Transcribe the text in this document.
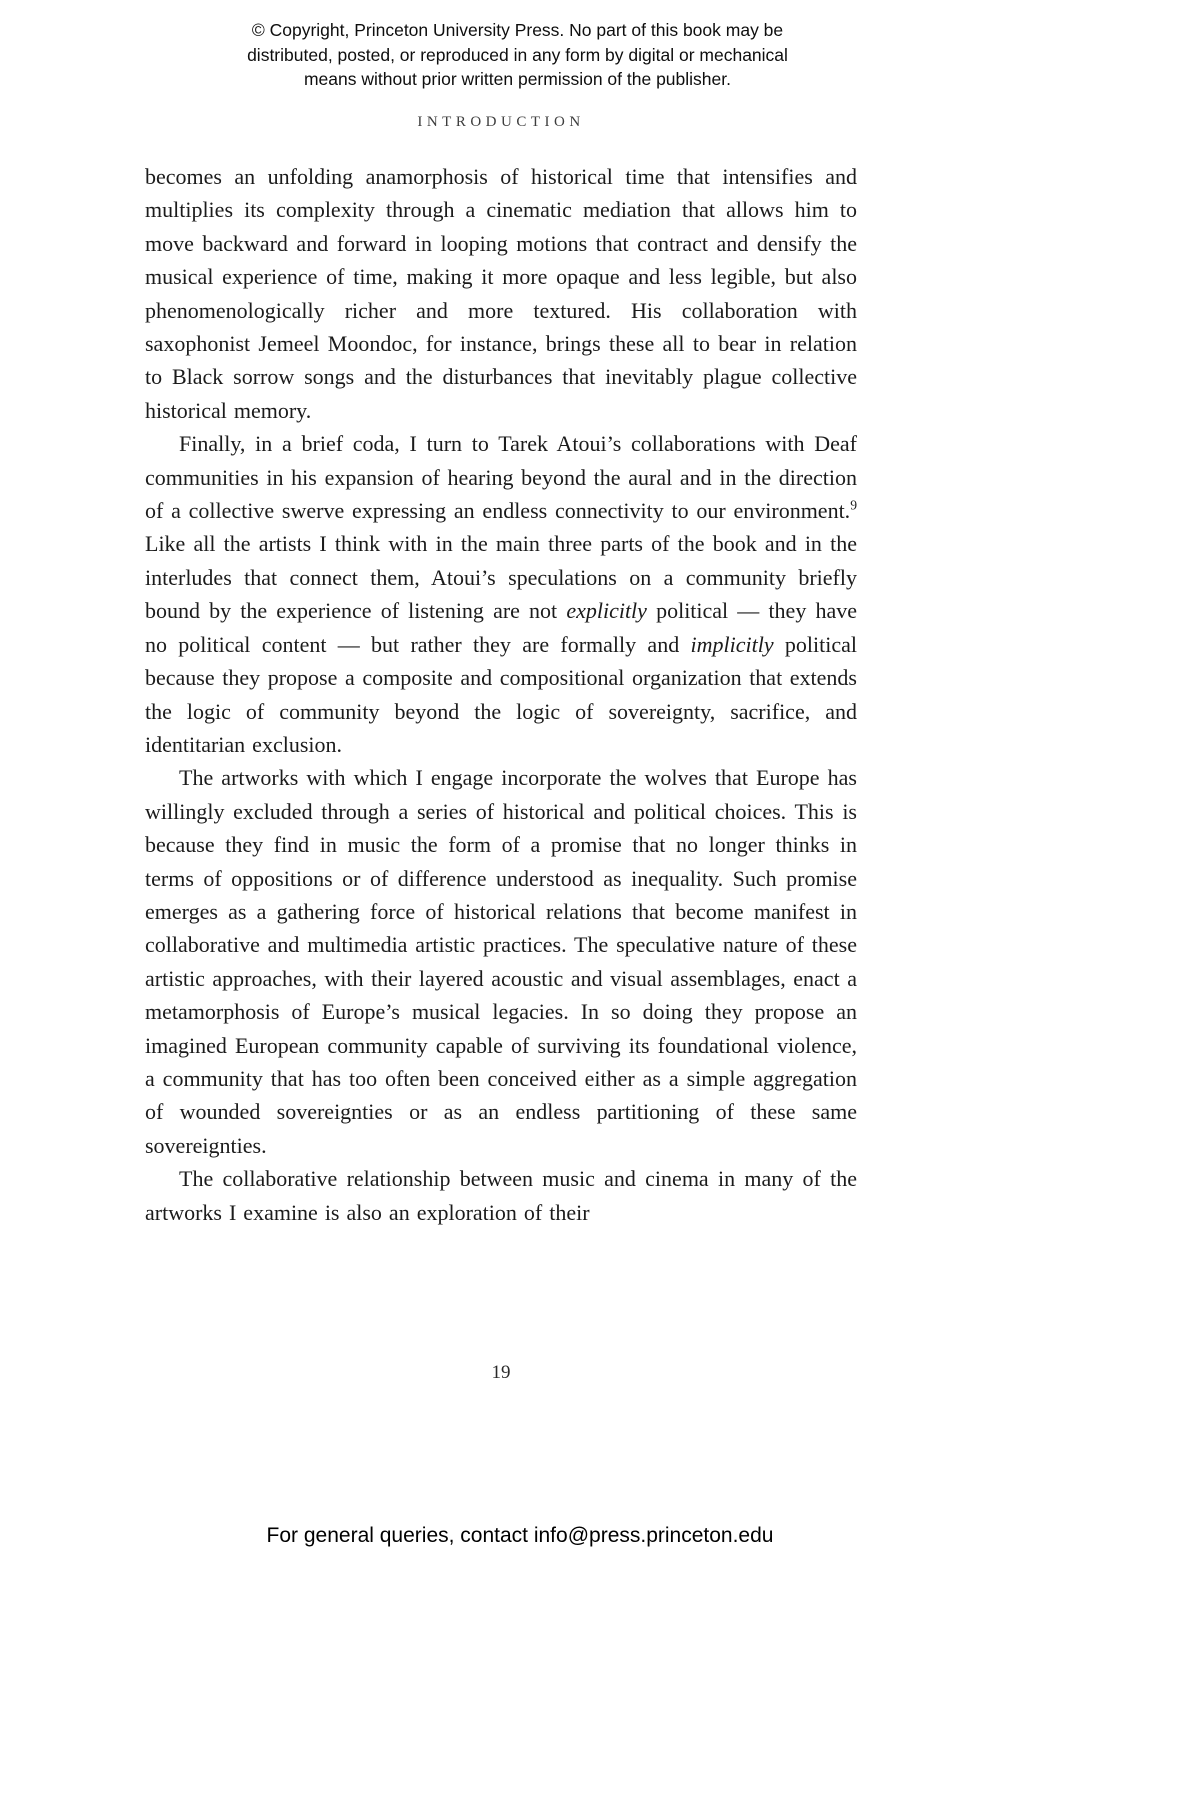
© Copyright, Princeton University Press. No part of this book may be
distributed, posted, or reproduced in any form by digital or mechanical
means without prior written permission of the publisher.
INTRODUCTION

becomes an unfolding anamorphosis of historical time that intensifies and multiplies its complexity through a cinematic mediation that allows him to move backward and forward in looping motions that contract and densify the musical experience of time, making it more opaque and less legible, but also phenomenologically richer and more textured. His collaboration with saxophonist Jemeel Moondoc, for instance, brings these all to bear in relation to Black sorrow songs and the disturbances that inevitably plague collective historical memory.

Finally, in a brief coda, I turn to Tarek Atoui’s collaborations with Deaf communities in his expansion of hearing beyond the aural and in the direction of a collective swerve expressing an endless connectivity to our environment.$^9$ Like all the artists I think with in the main three parts of the book and in the interludes that connect them, Atoui’s speculations on a community briefly bound by the experience of listening are not explicitly political — they have no political content — but rather they are formally and implicitly political because they propose a composite and compositional organization that extends the logic of community beyond the logic of sovereignty, sacrifice, and identitarian exclusion.

The artworks with which I engage incorporate the wolves that Europe has willingly excluded through a series of historical and political choices. This is because they find in music the form of a promise that no longer thinks in terms of oppositions or of difference understood as inequality. Such promise emerges as a gathering force of historical relations that become manifest in collaborative and multimedia artistic practices. The speculative nature of these artistic approaches, with their layered acoustic and visual assemblages, enact a metamorphosis of Europe’s musical legacies. In so doing they propose an imagined European community capable of surviving its foundational violence, a community that has too often been conceived either as a simple aggregation of wounded sovereignties or as an endless partitioning of these same sovereignties.

The collaborative relationship between music and cinema in many of the artworks I examine is also an exploration of their

19
For general queries, contact info@press.princeton.edu
